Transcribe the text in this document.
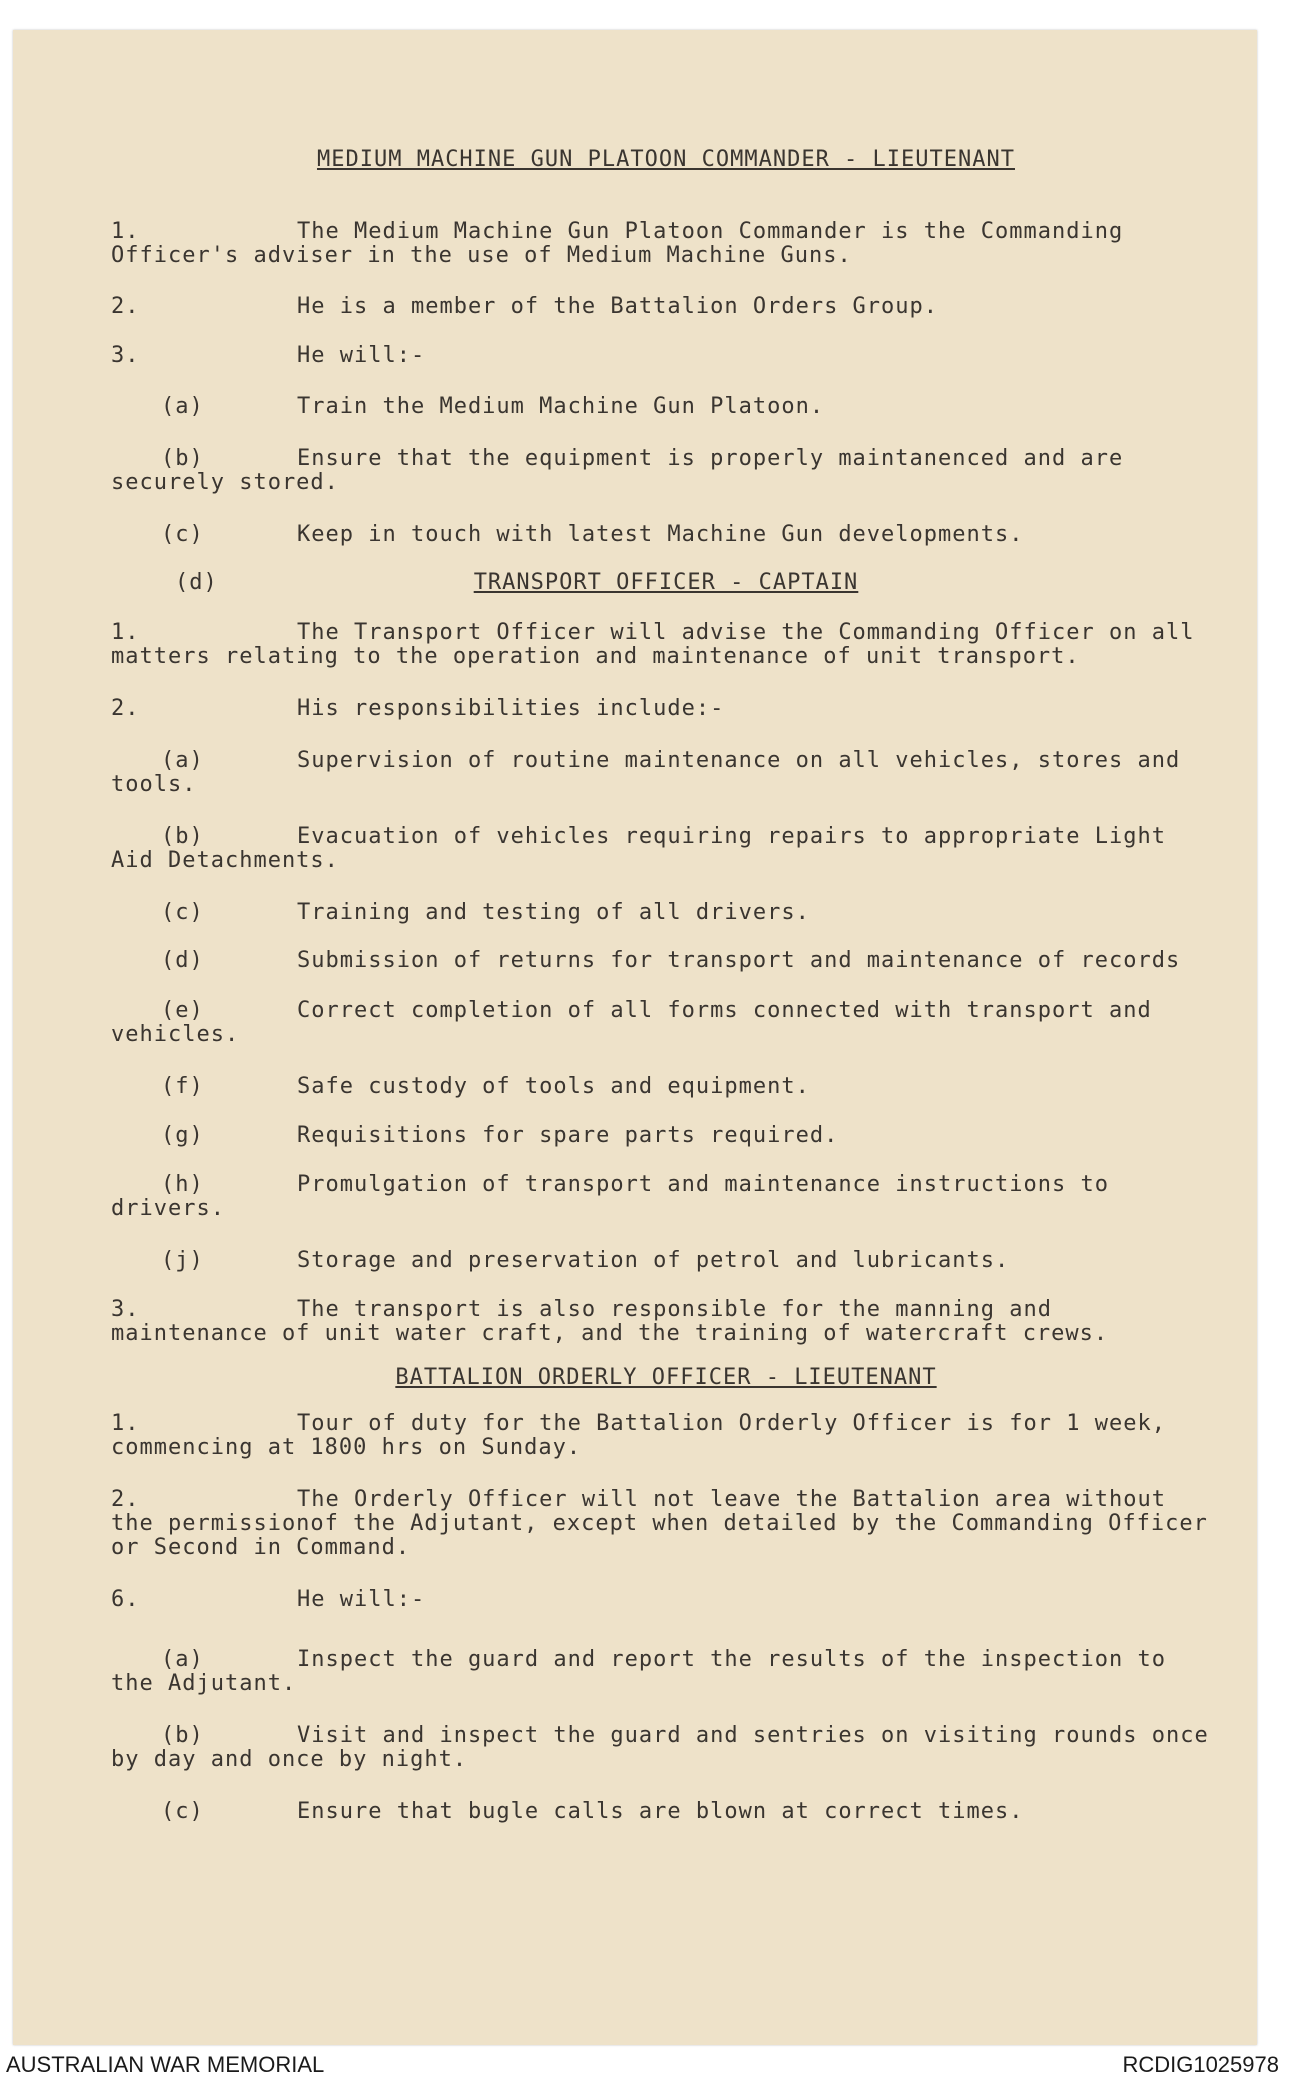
MEDIUM MACHINE GUN PLATOON COMMANDER - LIEUTENANT

1.	The Medium Machine Gun Platoon Commander is the Commanding Officer's adviser in the use of Medium Machine Guns.
2.	He is a member of the Battalion Orders Group.
3.	He will:-
(a)	Train the Medium Machine Gun Platoon.
(b)	Ensure that the equipment is properly maintanenced and are securely stored.
(c)	Keep in touch with latest Machine Gun developments.
(d)	TRANSPORT OFFICER - CAPTAIN

1.	The Transport Officer will advise the Commanding Officer on all matters relating to the operation and maintenance of unit transport.
2.	His responsibilities include:-
(a)	Supervision of routine maintenance on all vehicles, stores and tools.
(b)	Evacuation of vehicles requiring repairs to appropriate Light Aid Detachments.
(c)	Training and testing of all drivers.
(d)	Submission of returns for transport and maintenance of records
(e)	Correct completion of all forms connected with transport and vehicles.
(f)	Safe custody of tools and equipment.
(g)	Requisitions for spare parts required.
(h)	Promulgation of transport and maintenance instructions to drivers.
(j)	Storage and preservation of petrol and lubricants.
3.	The transport is also responsible for the manning and maintenance of unit water craft, and the training of watercraft crews.

BATTALION ORDERLY OFFICER - LIEUTENANT

1.	Tour of duty for the Battalion Orderly Officer is for 1 week, commencing at 1800 hrs on Sunday.
2.	The Orderly Officer will not leave the Battalion area without the permissionof the Adjutant, except when detailed by the Commanding Officer or Second in Command.
6.	He will:-
(a)	Inspect the guard and report the results of the inspection to the Adjutant.
(b)	Visit and inspect the guard and sentries on visiting rounds once by day and once by night.
(c)	Ensure that bugle calls are blown at correct times.
AUSTRALIAN WAR MEMORIAL	RCDIG1025978
